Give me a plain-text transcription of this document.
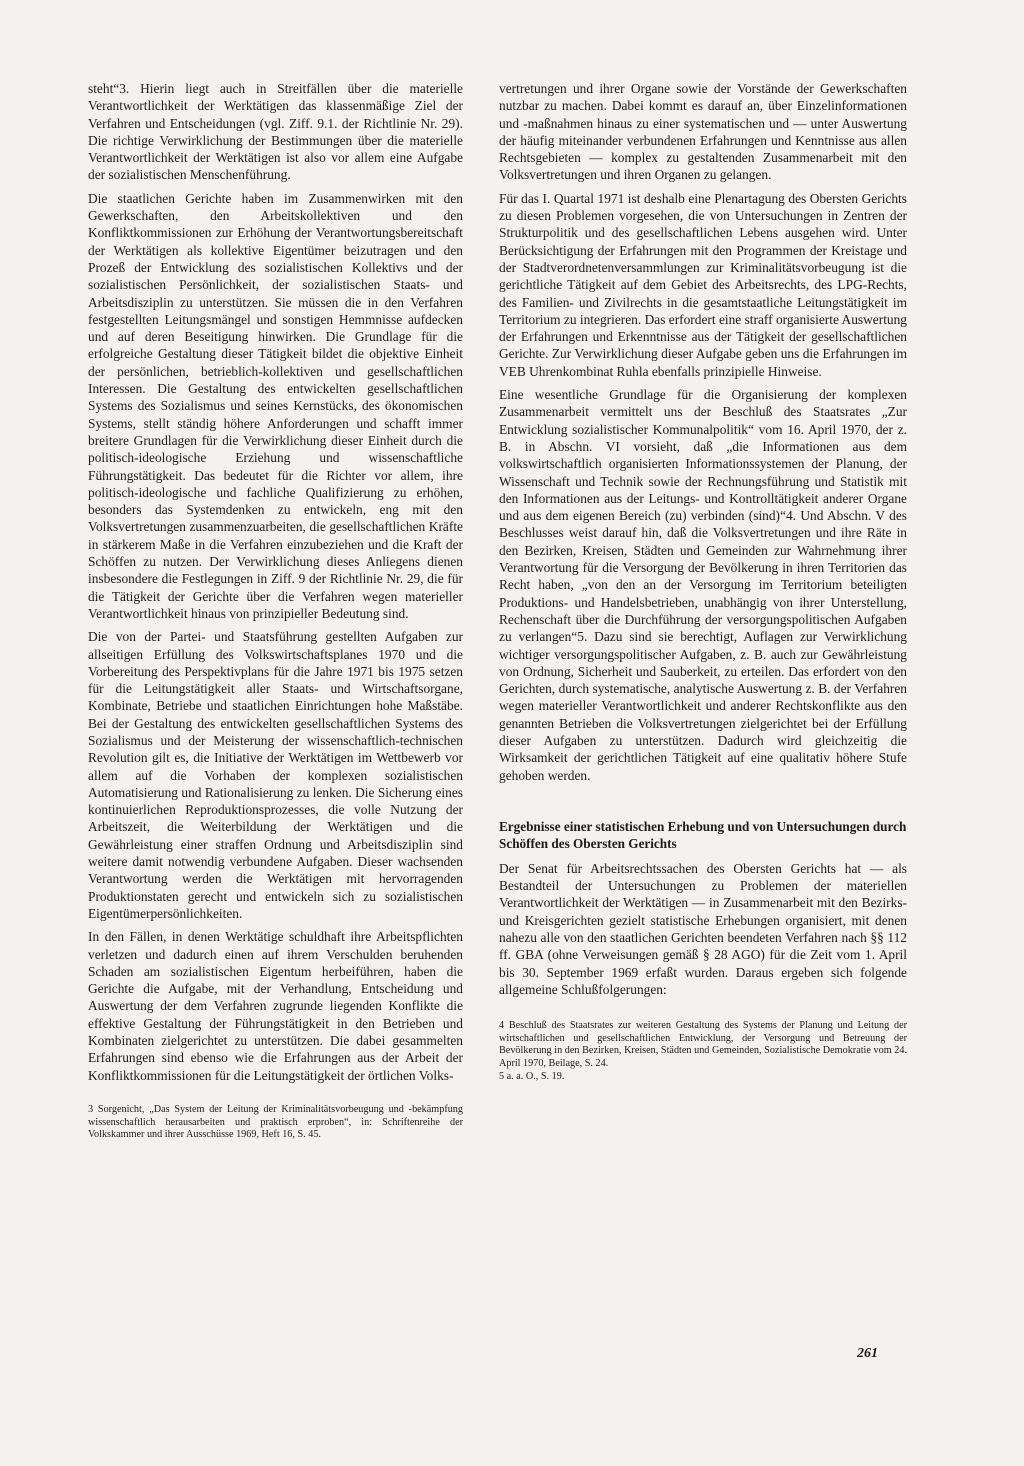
steht“3. Hierin liegt auch in Streitfällen über die materielle Verantwortlichkeit der Werktätigen das klassenmäßige Ziel der Verfahren und Entscheidungen (vgl. Ziff. 9.1. der Richtlinie Nr. 29). Die richtige Verwirklichung der Bestimmungen über die materielle Verantwortlichkeit der Werktätigen ist also vor allem eine Aufgabe der sozialistischen Menschenführung.

Die staatlichen Gerichte haben im Zusammenwirken mit den Gewerkschaften, den Arbeitskollektiven und den Konfliktkommissionen zur Erhöhung der Verantwortungsbereitschaft der Werktätigen als kollektive Eigentümer beizutragen und den Prozeß der Entwicklung des sozialistischen Kollektivs und der sozialistischen Persönlichkeit, der sozialistischen Staats- und Arbeitsdisziplin zu unterstützen. Sie müssen die in den Verfahren festgestellten Leitungsmängel und sonstigen Hemmnisse aufdecken und auf deren Beseitigung hinwirken. Die Grundlage für die erfolgreiche Gestaltung dieser Tätigkeit bildet die objektive Einheit der persönlichen, betrieblich-kollektiven und gesellschaftlichen Interessen. Die Gestaltung des entwickelten gesellschaftlichen Systems des Sozialismus und seines Kernstücks, des ökonomischen Systems, stellt ständig höhere Anforderungen und schafft immer breitere Grundlagen für die Verwirklichung dieser Einheit durch die politisch-ideologische Erziehung und wissenschaftliche Führungstätigkeit. Das bedeutet für die Richter vor allem, ihre politisch-ideologische und fachliche Qualifizierung zu erhöhen, besonders das Systemdenken zu entwickeln, eng mit den Volksvertretungen zusammenzuarbeiten, die gesellschaftlichen Kräfte in stärkerem Maße in die Verfahren einzubeziehen und die Kraft der Schöffen zu nutzen. Der Verwirklichung dieses Anliegens dienen insbesondere die Festlegungen in Ziff. 9 der Richtlinie Nr. 29, die für die Tätigkeit der Gerichte über die Verfahren wegen materieller Verantwortlichkeit hinaus von prinzipieller Bedeutung sind.

Die von der Partei- und Staatsführung gestellten Aufgaben zur allseitigen Erfüllung des Volkswirtschaftsplanes 1970 und die Vorbereitung des Perspektivplans für die Jahre 1971 bis 1975 setzen für die Leitungstätigkeit aller Staats- und Wirtschaftsorgane, Kombinate, Betriebe und staatlichen Einrichtungen hohe Maßstäbe. Bei der Gestaltung des entwickelten gesellschaftlichen Systems des Sozialismus und der Meisterung der wissenschaftlich-technischen Revolution gilt es, die Initiative der Werktätigen im Wettbewerb vor allem auf die Vorhaben der komplexen sozialistischen Automatisierung und Rationalisierung zu lenken. Die Sicherung eines kontinuierlichen Reproduktionsprozesses, die volle Nutzung der Arbeitszeit, die Weiterbildung der Werktätigen und die Gewährleistung einer straffen Ordnung und Arbeitsdisziplin sind weitere damit notwendig verbundene Aufgaben. Dieser wachsenden Verantwortung werden die Werktätigen mit hervorragenden Produktionstaten gerecht und entwickeln sich zu sozialistischen Eigentümerpersönlichkeiten.

In den Fällen, in denen Werktätige schuldhaft ihre Arbeitspflichten verletzen und dadurch einen auf ihrem Verschulden beruhenden Schaden am sozialistischen Eigentum herbeiführen, haben die Gerichte die Aufgabe, mit der Verhandlung, Entscheidung und Auswertung der dem Verfahren zugrunde liegenden Konflikte die effektive Gestaltung der Führungstätigkeit in den Betrieben und Kombinaten zielgerichtet zu unterstützen. Die dabei gesammelten Erfahrungen sind ebenso wie die Erfahrungen aus der Arbeit der Konfliktkommissionen für die Leitungstätigkeit der örtlichen Volks-

3 Sorgenicht, „Das System der Leitung der Kriminalitätsvorbeugung und -bekämpfung wissenschaftlich herausarbeiten und praktisch erproben“, in: Schriftenreihe der Volkskammer und ihrer Ausschüsse 1969, Heft 16, S. 45.

vertretungen und ihrer Organe sowie der Vorstände der Gewerkschaften nutzbar zu machen. Dabei kommt es darauf an, über Einzelinformationen und -maßnahmen hinaus zu einer systematischen und — unter Auswertung der häufig miteinander verbundenen Erfahrungen und Kenntnisse aus allen Rechtsgebieten — komplex zu gestaltenden Zusammenarbeit mit den Volksvertretungen und ihren Organen zu gelangen.

Für das I. Quartal 1971 ist deshalb eine Plenartagung des Obersten Gerichts zu diesen Problemen vorgesehen, die von Untersuchungen in Zentren der Strukturpolitik und des gesellschaftlichen Lebens ausgehen wird. Unter Berücksichtigung der Erfahrungen mit den Programmen der Kreistage und der Stadtverordnetenversammlungen zur Kriminalitätsvorbeugung ist die gerichtliche Tätigkeit auf dem Gebiet des Arbeitsrechts, des LPG-Rechts, des Familien- und Zivilrechts in die gesamtstaatliche Leitungstätigkeit im Territorium zu integrieren. Das erfordert eine straff organisierte Auswertung der Erfahrungen und Erkenntnisse aus der Tätigkeit der gesellschaftlichen Gerichte. Zur Verwirklichung dieser Aufgabe geben uns die Erfahrungen im VEB Uhrenkombinat Ruhla ebenfalls prinzipielle Hinweise.

Eine wesentliche Grundlage für die Organisierung der komplexen Zusammenarbeit vermittelt uns der Beschluß des Staatsrates „Zur Entwicklung sozialistischer Kommunalpolitik“ vom 16. April 1970, der z. B. in Abschn. VI vorsieht, daß „die Informationen aus dem volkswirtschaftlich organisierten Informationssystemen der Planung, der Wissenschaft und Technik sowie der Rechnungsführung und Statistik mit den Informationen aus der Leitungs- und Kontrolltätigkeit anderer Organe und aus dem eigenen Bereich (zu) verbinden (sind)“4. Und Abschn. V des Beschlusses weist darauf hin, daß die Volksvertretungen und ihre Räte in den Bezirken, Kreisen, Städten und Gemeinden zur Wahrnehmung ihrer Verantwortung für die Versorgung der Bevölkerung in ihren Territorien das Recht haben, „von den an der Versorgung im Territorium beteiligten Produktions- und Handelsbetrieben, unabhängig von ihrer Unterstellung, Rechenschaft über die Durchführung der versorgungspolitischen Aufgaben zu verlangen“5. Dazu sind sie berechtigt, Auflagen zur Verwirklichung wichtiger versorgungspolitischer Aufgaben, z. B. auch zur Gewährleistung von Ordnung, Sicherheit und Sauberkeit, zu erteilen. Das erfordert von den Gerichten, durch systematische, analytische Auswertung z. B. der Verfahren wegen materieller Verantwortlichkeit und anderer Rechtskonflikte aus den genannten Betrieben die Volksvertretungen zielgerichtet bei der Erfüllung dieser Aufgaben zu unterstützen. Dadurch wird gleichzeitig die Wirksamkeit der gerichtlichen Tätigkeit auf eine qualitativ höhere Stufe gehoben werden.

Ergebnisse einer statistischen Erhebung und von Untersuchungen durch Schöffen des Obersten Gerichts

Der Senat für Arbeitsrechtssachen des Obersten Gerichts hat — als Bestandteil der Untersuchungen zu Problemen der materiellen Verantwortlichkeit der Werktätigen — in Zusammenarbeit mit den Bezirks- und Kreisgerichten gezielt statistische Erhebungen organisiert, mit denen nahezu alle von den staatlichen Gerichten beendeten Verfahren nach §§ 112 ff. GBA (ohne Verweisungen gemäß § 28 AGO) für die Zeit vom 1. April bis 30. September 1969 erfaßt wurden. Daraus ergeben sich folgende allgemeine Schlußfolgerungen:

4 Beschluß des Staatsrates zur weiteren Gestaltung des Systems der Planung und Leitung der wirtschaftlichen und gesellschaftlichen Entwicklung, der Versorgung und Betreuung der Bevölkerung in den Bezirken, Kreisen, Städten und Gemeinden, Sozialistische Demokratie vom 24. April 1970, Beilage, S. 24.

5 a. a. O., S. 19.

261
